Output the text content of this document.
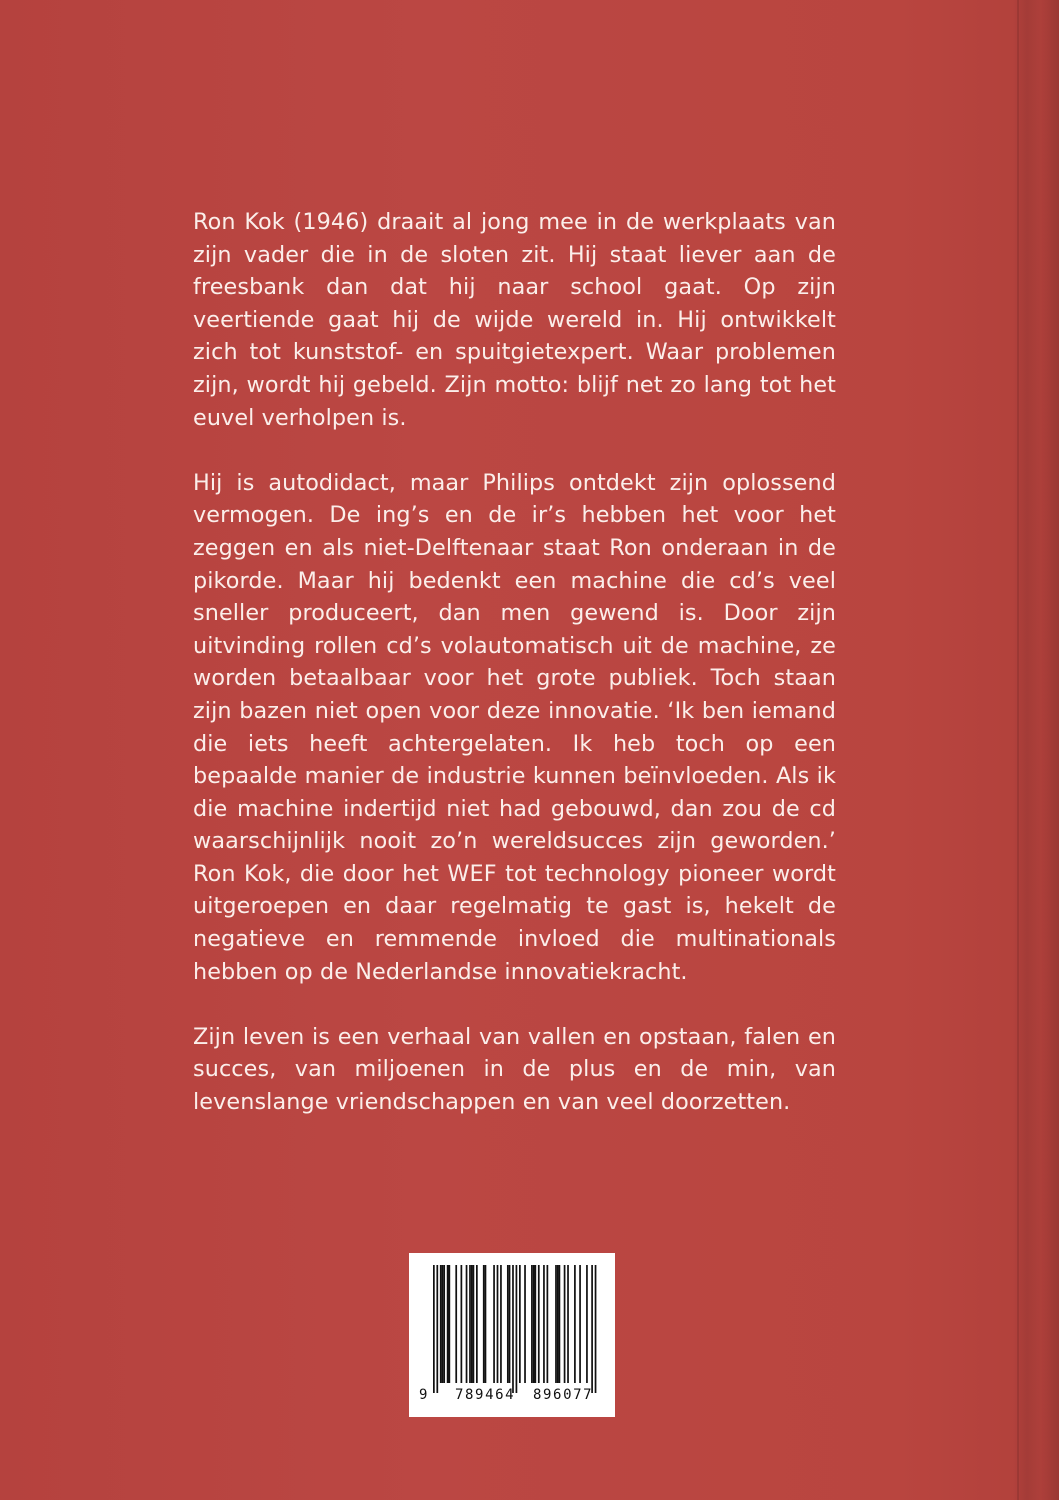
Ron Kok (1946) draait al jong mee in de werkplaats van zijn vader die in de sloten zit. Hij staat liever aan de freesbank dan dat hij naar school gaat. Op zijn veertiende gaat hij de wijde wereld in. Hij ontwikkelt zich tot kunststof- en spuitgietexpert. Waar problemen zijn, wordt hij gebeld. Zijn motto: blijf net zo lang tot het euvel verholpen is.

Hij is autodidact, maar Philips ontdekt zijn oplossend vermogen. De ing’s en de ir’s hebben het voor het zeggen en als niet-Delftenaar staat Ron onderaan in de pikorde. Maar hij bedenkt een machine die cd’s veel sneller produceert, dan men gewend is. Door zijn uitvinding rollen cd’s volautomatisch uit de machine, ze worden betaalbaar voor het grote publiek. Toch staan zijn bazen niet open voor deze innovatie. ‘Ik ben iemand die iets heeft achtergelaten. Ik heb toch op een bepaalde manier de industrie kunnen beïnvloeden. Als ik die machine indertijd niet had gebouwd, dan zou de cd waarschijnlijk nooit zo’n wereldsucces zijn geworden.’ Ron Kok, die door het WEF tot technology pioneer wordt uitgeroepen en daar regelmatig te gast is, hekelt de negatieve en remmende invloed die multinationals hebben op de Nederlandse innovatiekracht.

Zijn leven is een verhaal van vallen en opstaan, falen en succes, van miljoenen in de plus en de min, van levenslange vriendschappen en van veel doorzetten.

9 789464 896077
